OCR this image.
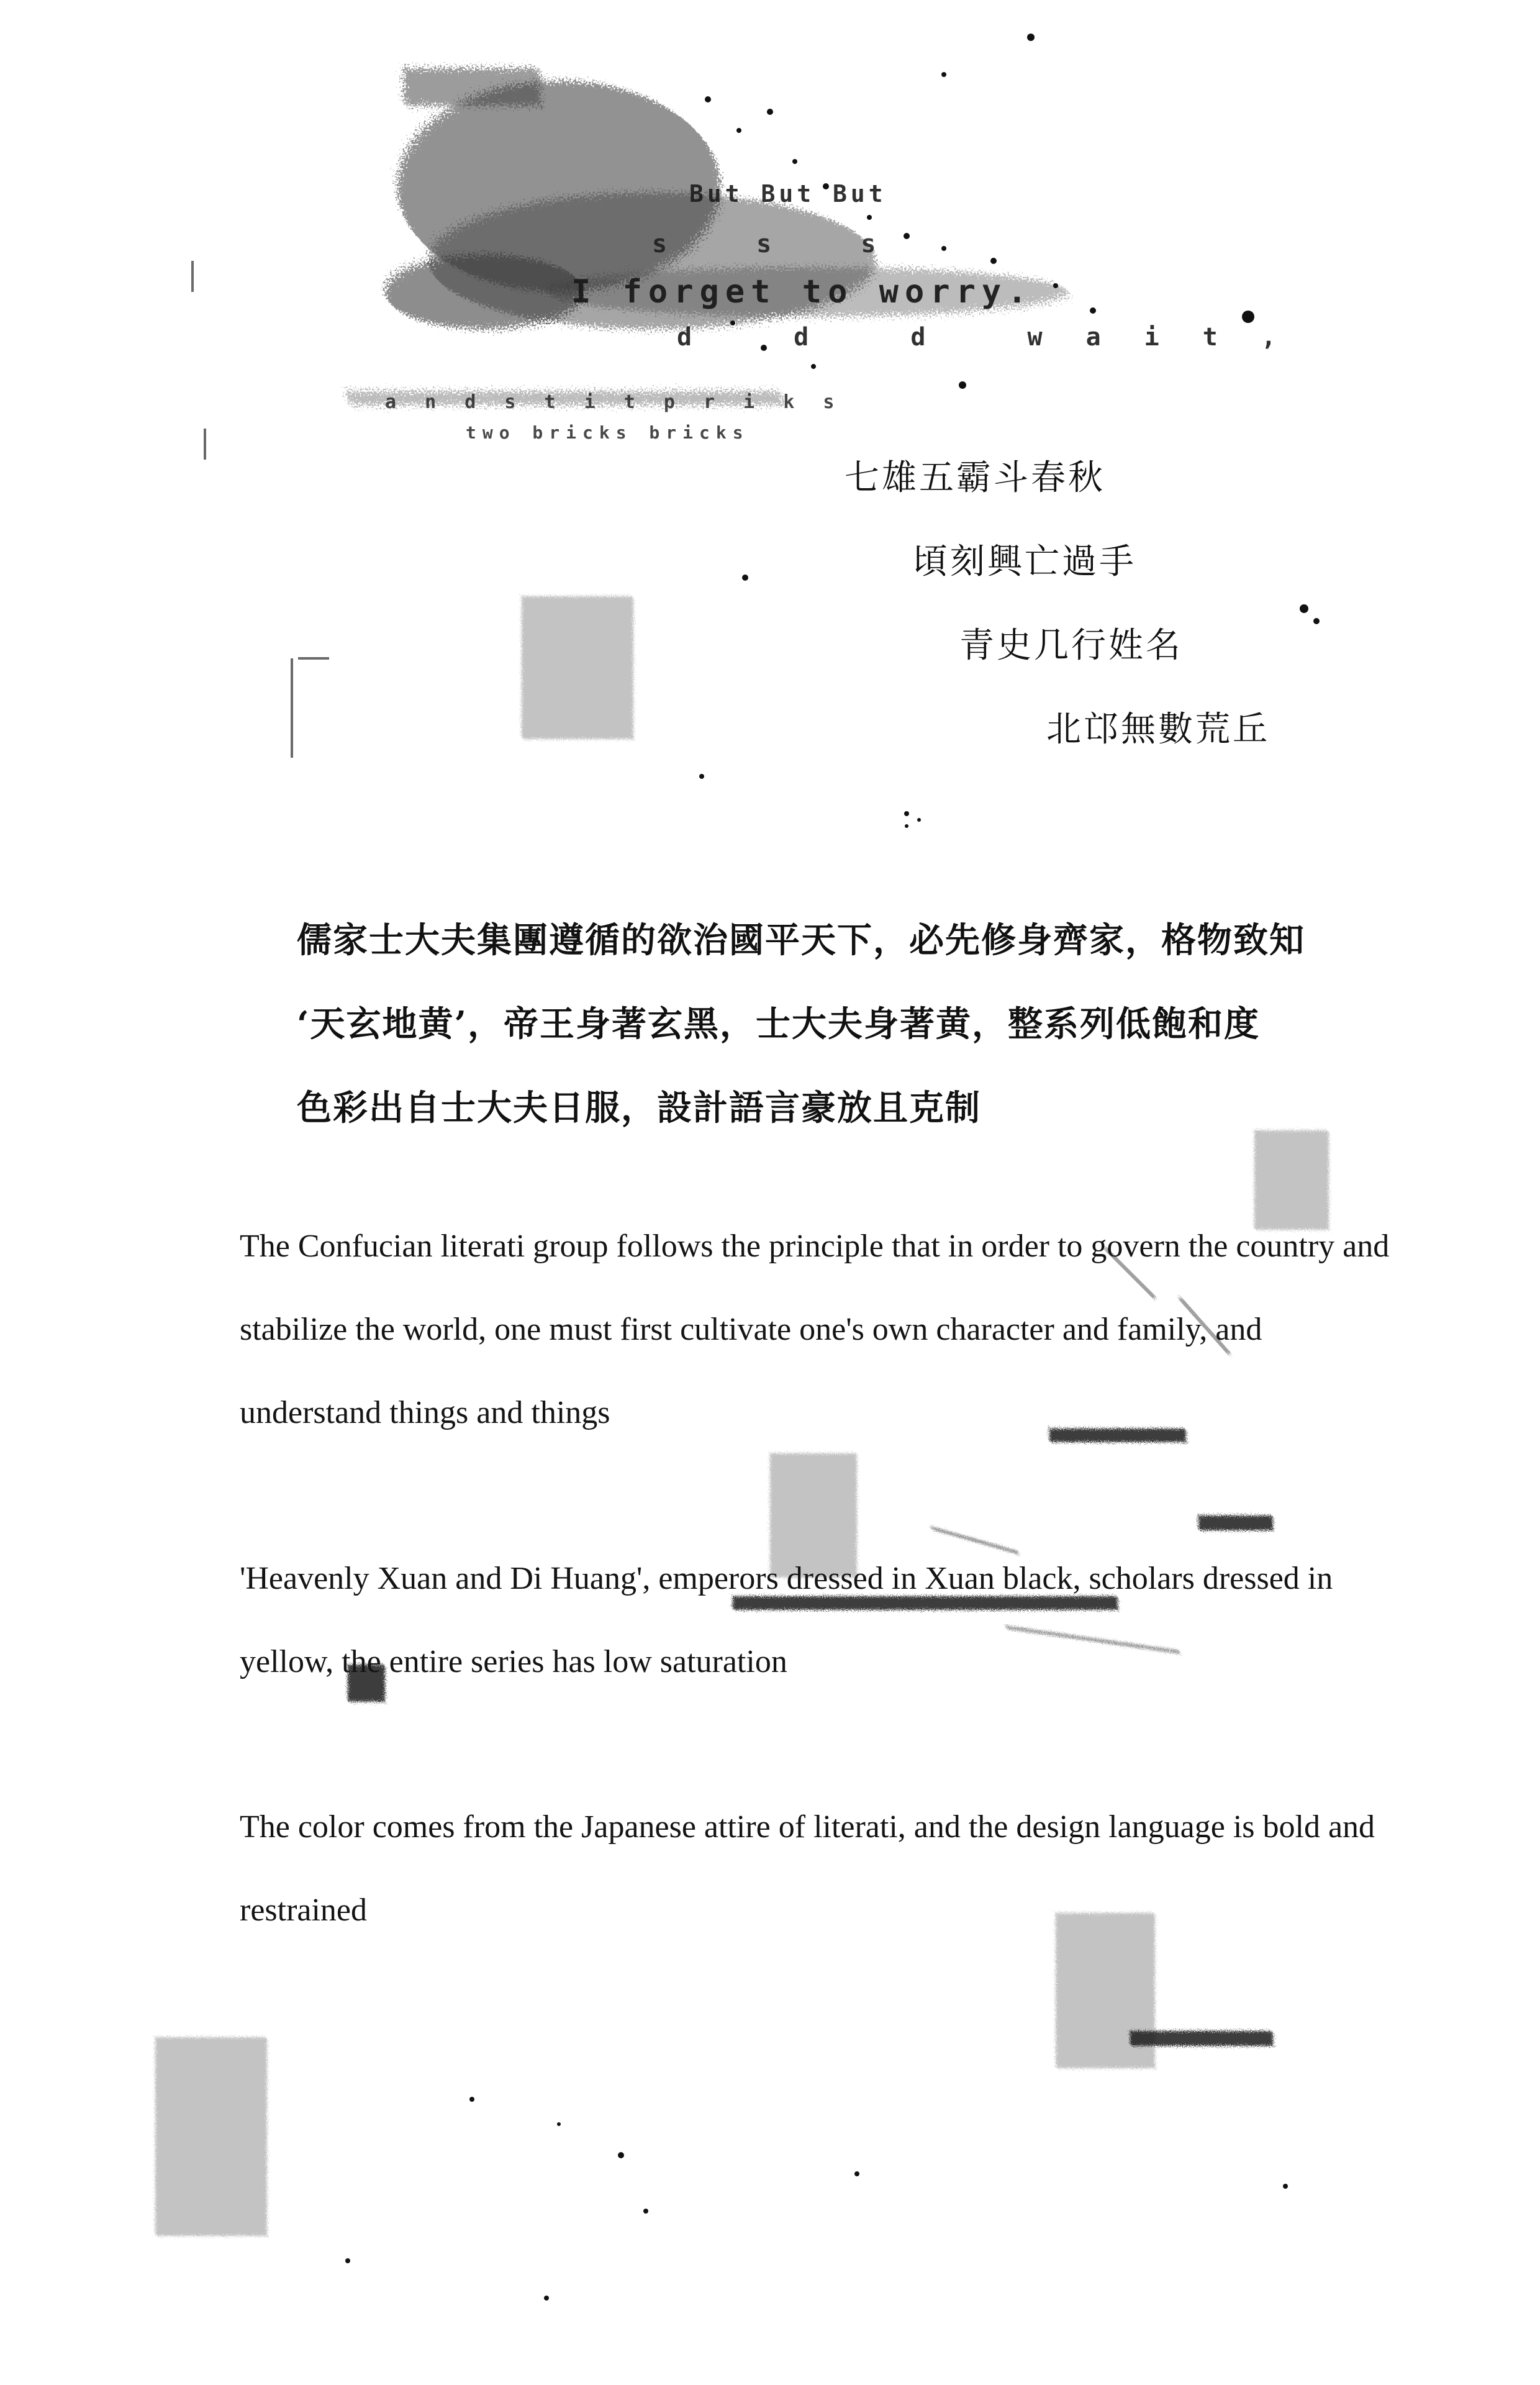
But But But
s s s
I forget to worry.
d d d wait,
a n d s t i t p r i k s
two bricks bricks
七雄五霸斗春秋
頃刻興亡過手
青史几行姓名
北邙無數荒丘
儒家士大夫集團遵循的欲治國平天下，必先修身齊家，格物致知
‘天玄地黄’，帝王身著玄黑，士大夫身著黄，整系列低飽和度
色彩出自士大夫日服，設計語言豪放且克制

The Confucian literati group follows the principle that in order to govern the country and stabilize the world, one must first cultivate one's own character and family, and understand things and things

'Heavenly Xuan and Di Huang', emperors dressed in Xuan black, scholars dressed in yellow, the entire series has low saturation

The color comes from the Japanese attire of literati, and the design language is bold and restrained
